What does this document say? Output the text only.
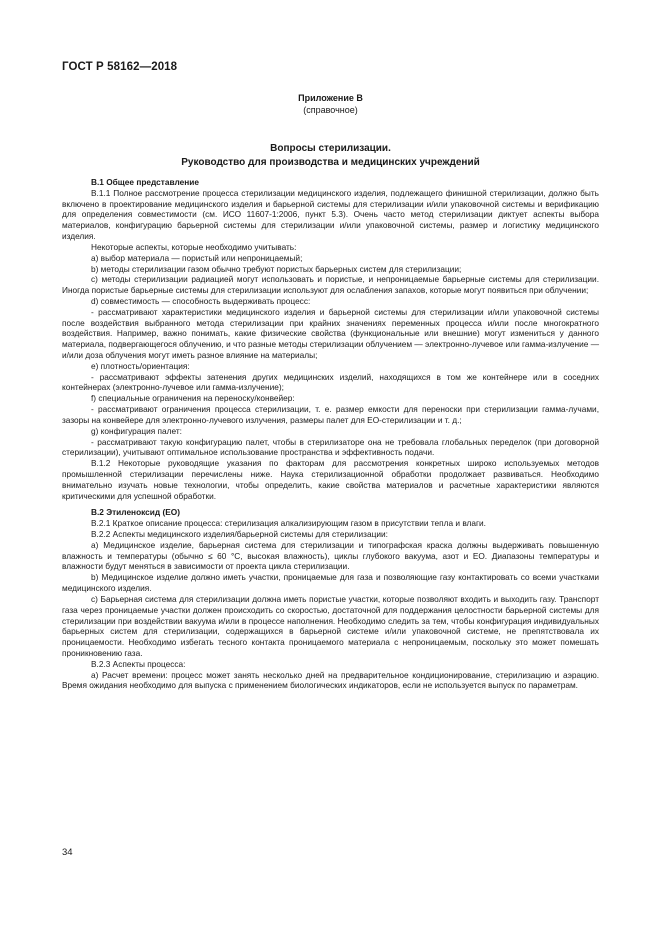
ГОСТ Р 58162—2018
Приложение В
(справочное)
Вопросы стерилизации.
Руководство для производства и медицинских учреждений

В.1 Общее представление

В.1.1 Полное рассмотрение процесса стерилизации медицинского изделия, подлежащего финишной стерилизации, должно быть включено в проектирование медицинского изделия и барьерной системы для стерилизации и/или упаковочной системы и верификацию для определения совместимости (см. ИСО 11607-1:2006, пункт 5.3). Очень часто метод стерилизации диктует аспекты выбора материалов, конфигурацию барьерной системы для стерилизации и/или упаковочной системы, размер и логистику медицинского изделия.

Некоторые аспекты, которые необходимо учитывать:

a) выбор материала — пористый или непроницаемый;

b) методы стерилизации газом обычно требуют пористых барьерных систем для стерилизации;

c) методы стерилизации радиацией могут использовать и пористые, и непроницаемые барьерные системы для стерилизации. Иногда пористые барьерные системы для стерилизации используют для ослабления запахов, которые могут появиться при облучении;

d) совместимость — способность выдерживать процесс:

- рассматривают характеристики медицинского изделия и барьерной системы для стерилизации и/или упаковочной системы после воздействия выбранного метода стерилизации при крайних значениях переменных процесса и/или после многократного воздействия. Например, важно понимать, какие физические свойства (функциональные или внешние) могут измениться у данного материала, подвергающегося облучению, и что разные методы стерилизации облучением — электронно-лучевое или гамма-излучение — и/или доза облучения могут иметь разное влияние на материалы;

e) плотность/ориентация:

- рассматривают эффекты затенения других медицинских изделий, находящихся в том же контейнере или в соседних контейнерах (электронно-лучевое или гамма-излучение);

f) специальные ограничения на переноску/конвейер:

- рассматривают ограничения процесса стерилизации, т. е. размер емкости для переноски при стерилизации гамма-лучами, зазоры на конвейере для электронно-лучевого излучения, размеры палет для ЕО-стерилизации и т. д.;

g) конфигурация палет:

- рассматривают такую конфигурацию палет, чтобы в стерилизаторе она не требовала глобальных переделок (при договорной стерилизации), учитывают оптимальное использование пространства и эффективность подачи.

В.1.2 Некоторые руководящие указания по факторам для рассмотрения конкретных широко используемых методов промышленной стерилизации перечислены ниже. Наука стерилизационной обработки продолжает развиваться. Необходимо внимательно изучать новые технологии, чтобы определить, какие свойства материалов и расчетные характеристики являются критическими для успешной обработки.

В.2 Этиленоксид (ЕО)

В.2.1 Краткое описание процесса: стерилизация алкализирующим газом в присутствии тепла и влаги.

В.2.2 Аспекты медицинского изделия/барьерной системы для стерилизации:

a) Медицинское изделие, барьерная система для стерилизации и типографская краска должны выдерживать повышенную влажность и температуры (обычно ≤ 60 °С, высокая влажность), циклы глубокого вакуума, азот и ЕО. Диапазоны температуры и влажности будут меняться в зависимости от проекта цикла стерилизации.

b) Медицинское изделие должно иметь участки, проницаемые для газа и позволяющие газу контактировать со всеми участками медицинского изделия.

c) Барьерная система для стерилизации должна иметь пористые участки, которые позволяют входить и выходить газу. Транспорт газа через проницаемые участки должен происходить со скоростью, достаточной для поддержания целостности барьерной системы для стерилизации при воздействии вакуума и/или в процессе наполнения. Необходимо следить за тем, чтобы конфигурация индивидуальных барьерных систем для стерилизации, содержащихся в барьерной системе и/или упаковочной системе, не препятствовала их проницаемости. Необходимо избегать тесного контакта проницаемого материала с непроницаемым, поскольку это может помешать проникновению газа.

В.2.3 Аспекты процесса:

a) Расчет времени: процесс может занять несколько дней на предварительное кондиционирование, стерилизацию и аэрацию. Время ожидания необходимо для выпуска с применением биологических индикаторов, если не используется выпуск по параметрам.

34
